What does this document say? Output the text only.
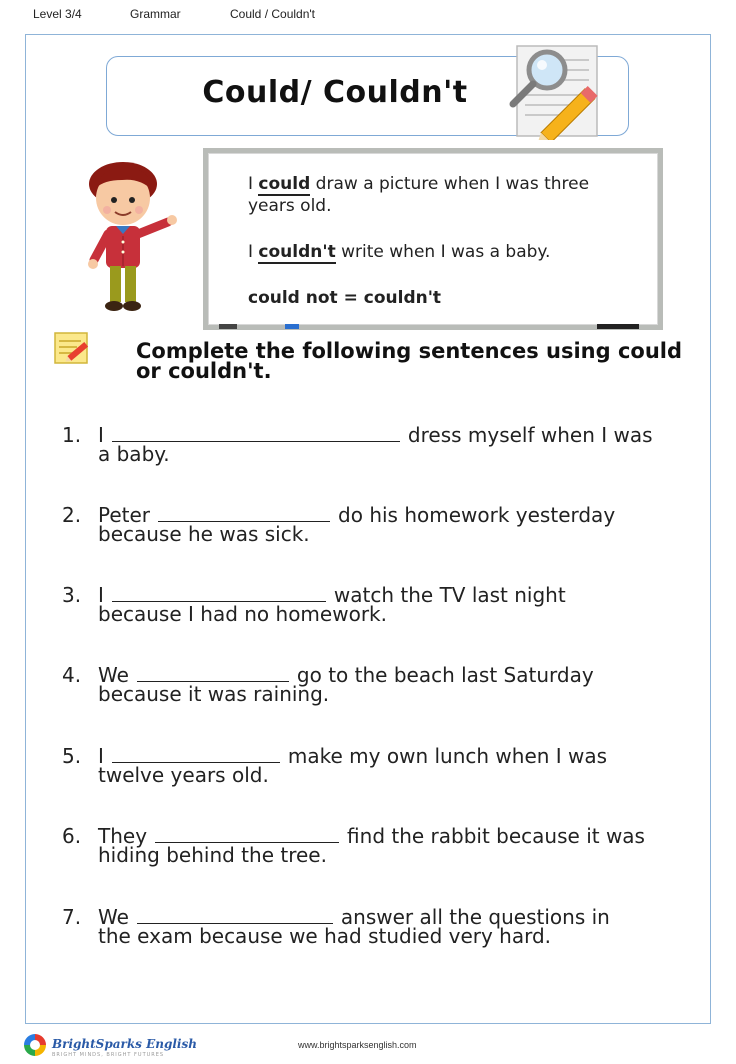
Level 3/4	Grammar	Could / Couldn't
Could/ Couldn't

I could draw a picture when I was three

years old.

I couldn't write when I was a baby.

could not = couldn't

Complete the following sentences using could
or couldn't.
1. I	dress myself when I was
a baby.
2. Peter	do his homework yesterday
because he was sick.
3. I	watch the TV last night
because I had no homework.
4. We	go to the beach last Saturday
because it was raining.
5. I	make my own lunch when I was
twelve years old.
6. They	find the rabbit because it was
hiding behind the tree.
7. We	answer all the questions in
the exam because we had studied very hard.
BrightSparks English
BRIGHT MINDS, BRIGHT FUTURES
www.brightsparksenglish.com
